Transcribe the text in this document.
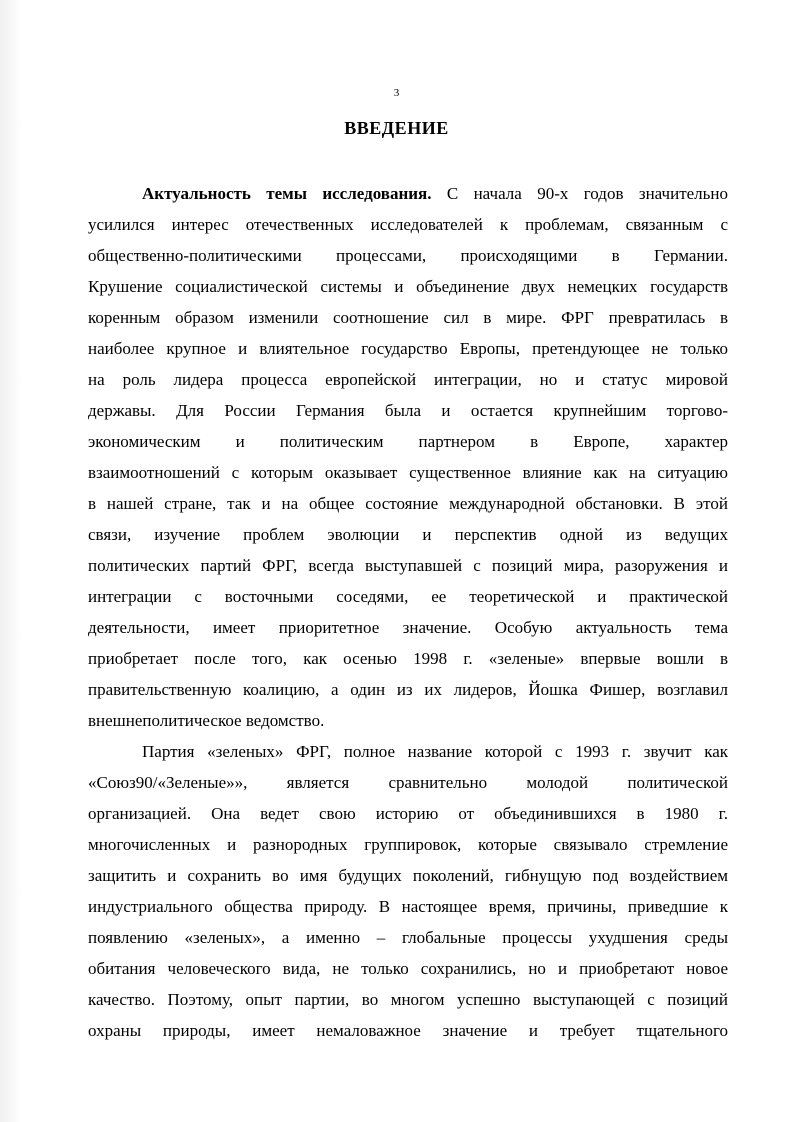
3
ВВЕДЕНИЕ
Актуальность темы исследования. С начала 90-х годов значительно
усилился интерес отечественных исследователей к проблемам, связанным с
общественно-политическими процессами, происходящими в Германии.
Крушение социалистической системы и объединение двух немецких государств
коренным образом изменили соотношение сил в мире. ФРГ превратилась в
наиболее крупное и влиятельное государство Европы, претендующее не только
на роль лидера процесса европейской интеграции, но и статус мировой
державы. Для России Германия была и остается крупнейшим торгово-
экономическим и политическим партнером в Европе, характер
взаимоотношений с которым оказывает существенное влияние как на ситуацию
в нашей стране, так и на общее состояние международной обстановки. В этой
связи, изучение проблем эволюции и перспектив одной из ведущих
политических партий ФРГ, всегда выступавшей с позиций мира, разоружения и
интеграции с восточными соседями, ее теоретической и практической
деятельности, имеет приоритетное значение. Особую актуальность тема
приобретает после того, как осенью 1998 г. «зеленые» впервые вошли в
правительственную коалицию, а один из их лидеров, Йошка Фишер, возглавил
внешнеполитическое ведомство.
Партия «зеленых» ФРГ, полное название которой с 1993 г. звучит как
«Союз90/«Зеленые»», является сравнительно молодой политической
организацией. Она ведет свою историю от объединившихся в 1980 г.
многочисленных и разнородных группировок, которые связывало стремление
защитить и сохранить во имя будущих поколений, гибнущую под воздействием
индустриального общества природу. В настоящее время, причины, приведшие к
появлению «зеленых», а именно – глобальные процессы ухудшения среды
обитания человеческого вида, не только сохранились, но и приобретают новое
качество. Поэтому, опыт партии, во многом успешно выступающей с позиций
охраны природы, имеет немаловажное значение и требует тщательного
